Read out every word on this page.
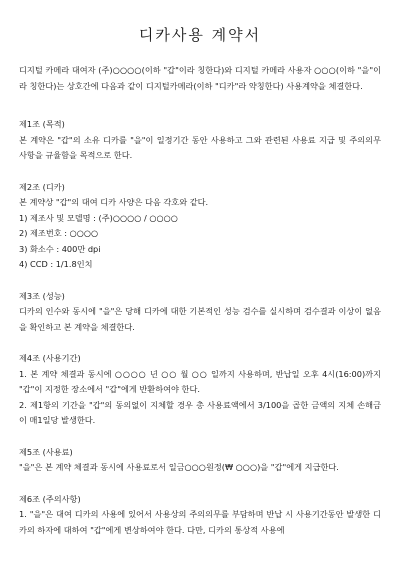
디카사용 계약서

디지털 카메라 대여자 (주)○○○○(이하 "갑"이라 칭한다)와 디지털 카메라 사용자 ○○○(이하 "을"이라 칭한다)는 상호간에 다음과 같이 디지털카메라(이하 "디카"라 약칭한다) 사용계약을 체결한다.

제1조 (목적)

본 계약은 "갑"의 소유 디카를 "을"이 일정기간 동안 사용하고 그와 관련된 사용료 지급 및 주의의무 사항을 규율함을 목적으로 한다.

제2조 (디카)

본 계약상 "갑"의 대여 디카 사양은 다음 각호와 같다.

1) 제조사 및 모델명 : (주)○○○○ / ○○○○

2) 제조번호 : ○○○○

3) 화소수 : 400만 dpi

4) CCD : 1/1.8인치

제3조 (성능)

디카의 인수와 동시에 "을"은 당해 디카에 대한 기본적인 성능 검수를 실시하며 검수결과 이상이 없음을 확인하고 본 계약을 체결한다.

제4조 (사용기간)

1. 본 계약 체결과 동시에 ○○○○ 년 ○○ 월 ○○ 일까지 사용하며, 반납일 오후 4시(16:00)까지 "갑"이 지정한 장소에서 "갑"에게 반환하여야 한다.

2. 제1항의 기간을 "갑"의 동의없이 지체할 경우 총 사용료액에서 3/100을 곱한 금액의 지체 손해금이 매1일당 발생한다.

제5조 (사용료)

"을"은 본 계약 체결과 동시에 사용료로서 일금○○○원정(₩ ○○○)을 "갑"에게 지급한다.

제6조 (주의사항)

1. "을"은 대여 디카의 사용에 있어서 사용상의 주의의무를 부담하며 반납 시 사용기간동안 발생한 디카의 하자에 대하여 "갑"에게 변상하여야 한다. 다만, 디카의 통상적 사용에
